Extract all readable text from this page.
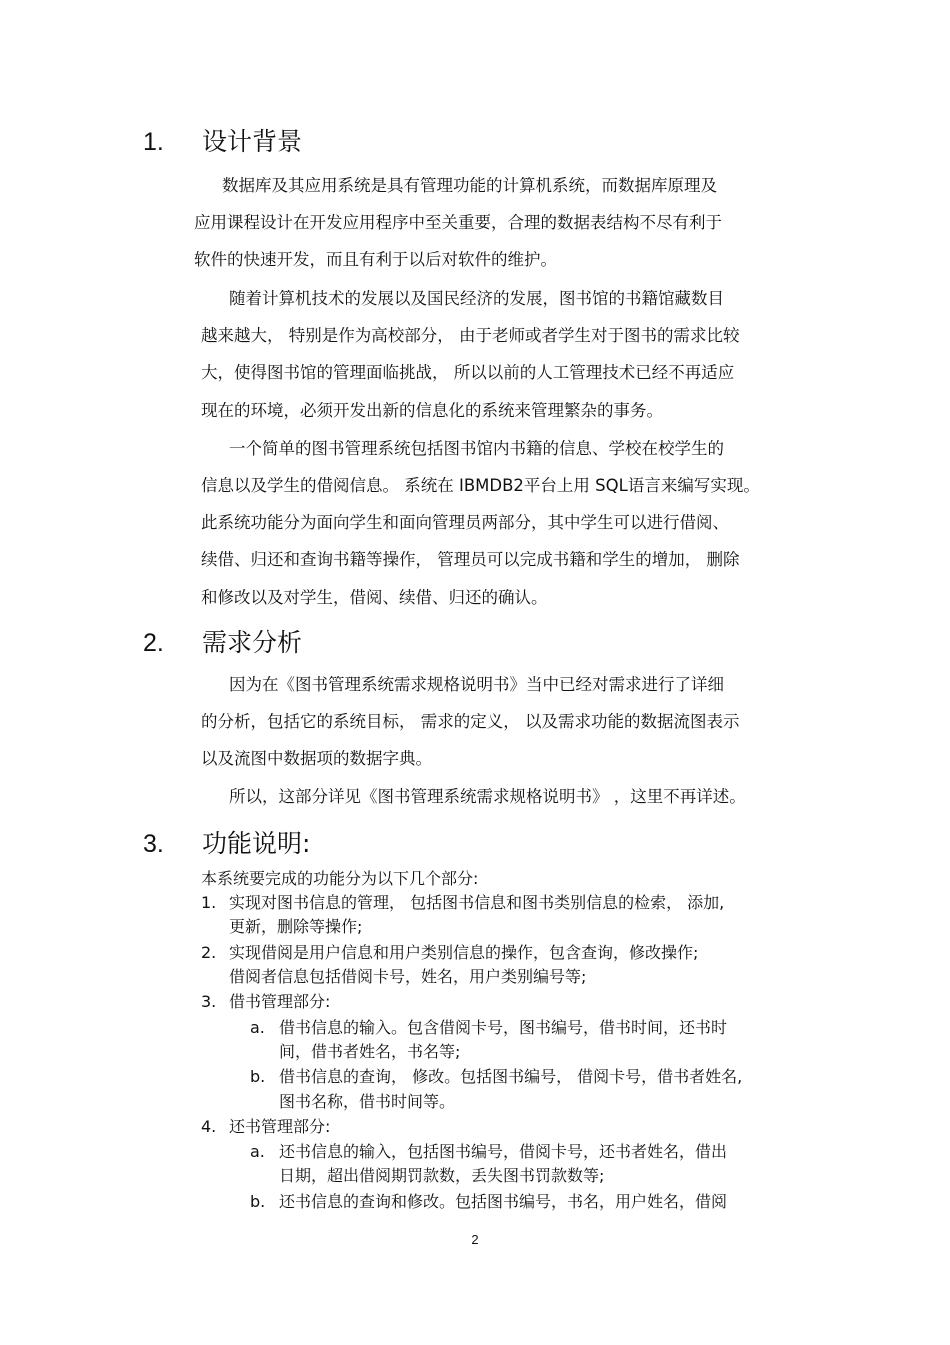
1. 设计背景
数据库及其应用系统是具有管理功能的计算机系统，而数据库原理及
应用课程设计在开发应用程序中至关重要，合理的数据表结构不尽有利于
软件的快速开发，而且有利于以后对软件的维护。
随着计算机技术的发展以及国民经济的发展，图书馆的书籍馆藏数目
越来越大， 特别是作为高校部分， 由于老师或者学生对于图书的需求比较
大，使得图书馆的管理面临挑战， 所以以前的人工管理技术已经不再适应
现在的环境，必须开发出新的信息化的系统来管理繁杂的事务。
一个简单的图书管理系统包括图书馆内书籍的信息、学校在校学生的
信息以及学生的借阅信息。 系统在 IBMDB2平台上用 SQL语言来编写实现。
此系统功能分为面向学生和面向管理员两部分，其中学生可以进行借阅、
续借、归还和查询书籍等操作， 管理员可以完成书籍和学生的增加， 删除
和修改以及对学生，借阅、续借、归还的确认。
2. 需求分析
因为在《图书管理系统需求规格说明书》当中已经对需求进行了详细
的分析，包括它的系统目标， 需求的定义， 以及需求功能的数据流图表示
以及流图中数据项的数据字典。
所以，这部分详见《图书管理系统需求规格说明书》 ，这里不再详述。
3. 功能说明:
本系统要完成的功能分为以下几个部分:
1. 实现对图书信息的管理， 包括图书信息和图书类别信息的检索， 添加,
更新，删除等操作;
2. 实现借阅是用户信息和用户类别信息的操作，包含查询，修改操作;
借阅者信息包括借阅卡号，姓名，用户类别编号等;
3. 借书管理部分:
a. 借书信息的输入。包含借阅卡号，图书编号，借书时间，还书时
间，借书者姓名，书名等;
b. 借书信息的查询， 修改。包括图书编号， 借阅卡号，借书者姓名,
图书名称，借书时间等。
4. 还书管理部分:
a. 还书信息的输入，包括图书编号，借阅卡号，还书者姓名，借出
日期，超出借阅期罚款数，丢失图书罚款数等;
b. 还书信息的查询和修改。包括图书编号，书名，用户姓名，借阅
2
